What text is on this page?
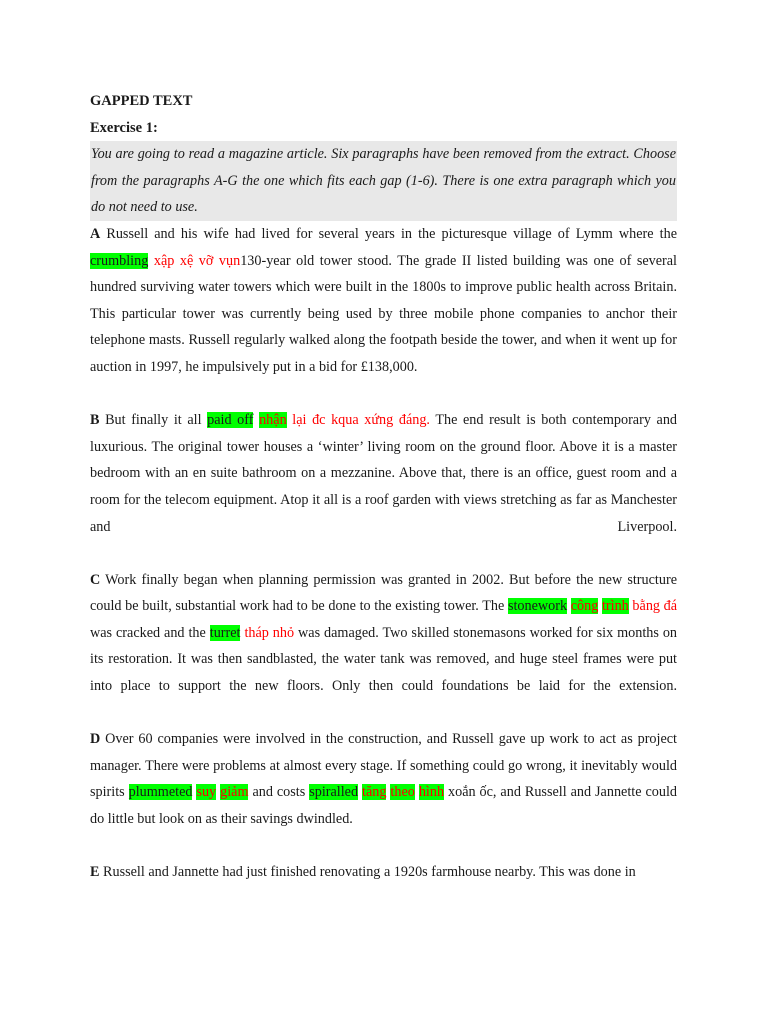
GAPPED TEXT

Exercise 1:

You are going to read a magazine article. Six paragraphs have been removed from the extract. Choose from the paragraphs A-G the one which fits each gap (1-6). There is one extra paragraph which you do not need to use.

A Russell and his wife had lived for several years in the picturesque village of Lymm where the crumbling xập xệ vỡ vụn130-year old tower stood. The grade II listed building was one of several hundred surviving water towers which were built in the 1800s to improve public health across Britain. This particular tower was currently being used by three mobile phone companies to anchor their telephone masts. Russell regularly walked along the footpath beside the tower, and when it went up for auction in 1997, he impulsively put in a bid for £138,000.

B But finally it all paid off nhận lại đc kqua xứng đáng. The end result is both contemporary and luxurious. The original tower houses a ‘winter’ living room on the ground floor. Above it is a master bedroom with an en suite bathroom on a mezzanine. Above that, there is an office, guest room and a room for the telecom equipment. Atop it all is a roof garden with views stretching as far as Manchester and Liverpool.

C Work finally began when planning permission was granted in 2002. But before the new structure could be built, substantial work had to be done to the existing tower. The stonework công trình bằng đá was cracked and the turret tháp nhỏ was damaged. Two skilled stonemasons worked for six months on its restoration. It was then sandblasted, the water tank was removed, and huge steel frames were put into place to support the new floors. Only then could foundations be laid for the extension.

D Over 60 companies were involved in the construction, and Russell gave up work to act as project manager. There were problems at almost every stage. If something could go wrong, it inevitably would spirits plummeted suy giảm and costs spiralled tăng theo hình xoắn ốc, and Russell and Jannette could do little but look on as their savings dwindled.

E Russell and Jannette had just finished renovating a 1920s farmhouse nearby. This was done in
